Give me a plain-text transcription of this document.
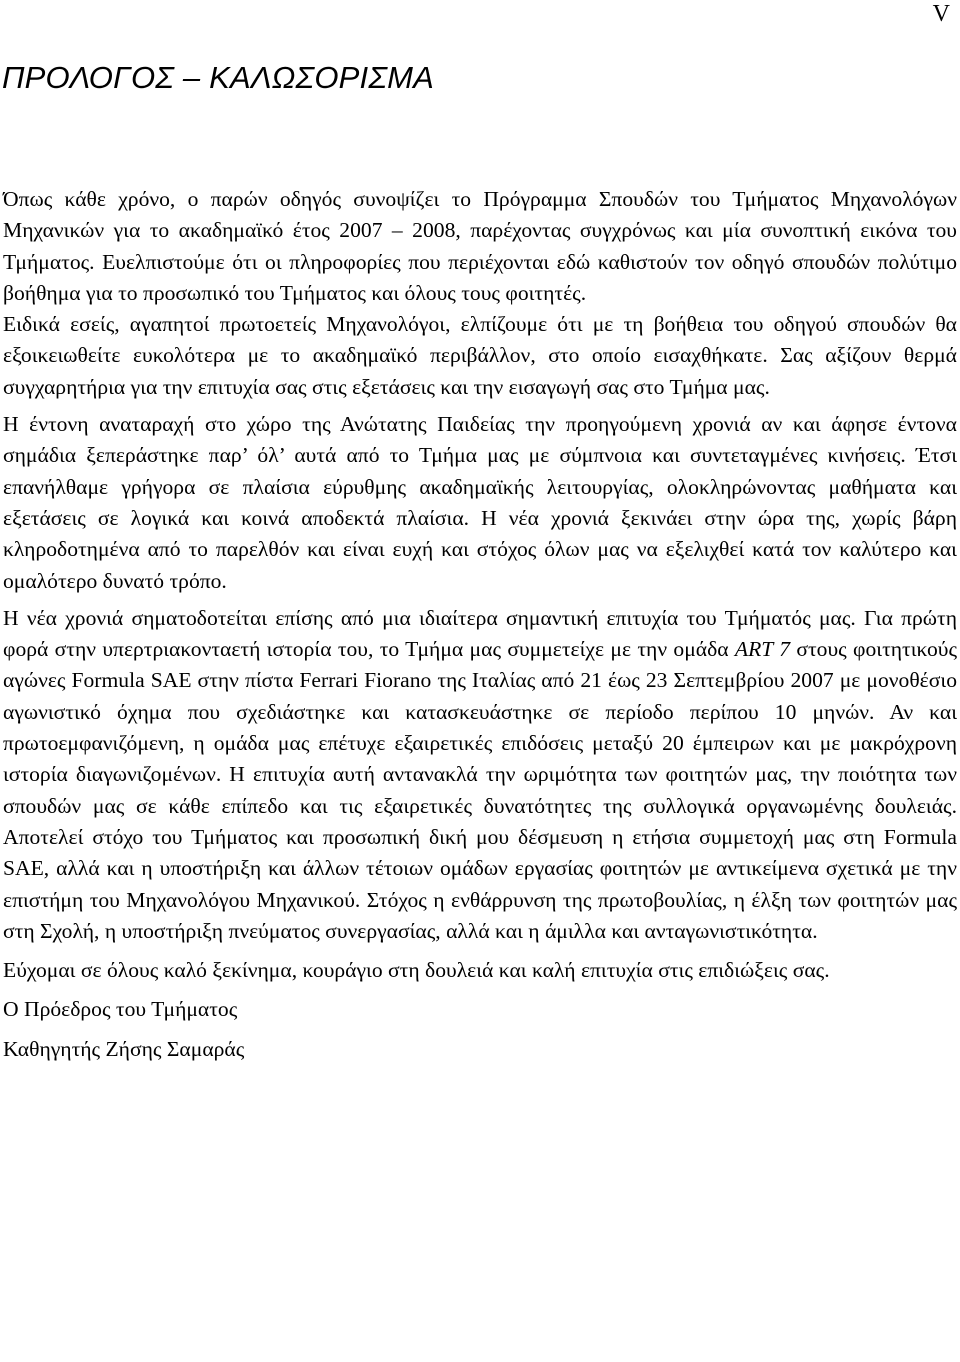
V
ΠΡΟΛΟΓΟΣ – ΚΑΛΩΣΟΡΙΣΜΑ

Όπως κάθε χρόνο, ο παρών οδηγός συνοψίζει το Πρόγραμμα Σπουδών του Τμήματος Μηχανολόγων Μηχανικών για το ακαδημαϊκό έτος 2007 – 2008, παρέχοντας συγχρόνως και μία συνοπτική εικόνα του Τμήματος. Ευελπιστούμε ότι οι πληροφορίες που περιέχονται εδώ καθιστούν τον οδηγό σπουδών πολύτιμο βοήθημα για το προσωπικό του Τμήματος και όλους τους φοιτητές.

Ειδικά εσείς, αγαπητοί πρωτοετείς Μηχανολόγοι, ελπίζουμε ότι με τη βοήθεια του οδηγού σπουδών θα εξοικειωθείτε ευκολότερα με το ακαδημαϊκό περιβάλλον, στο οποίο εισαχθήκατε. Σας αξίζουν θερμά συγχαρητήρια για την επιτυχία σας στις εξετάσεις και την εισαγωγή σας στο Τμήμα μας.

Η έντονη αναταραχή στο χώρο της Ανώτατης Παιδείας την προηγούμενη χρονιά αν και άφησε έντονα σημάδια ξεπεράστηκε παρ’ όλ’ αυτά από το Τμήμα μας με σύμπνοια και συντεταγμένες κινήσεις. Έτσι επανήλθαμε γρήγορα σε πλαίσια εύρυθμης ακαδημαϊκής λειτουργίας, ολοκληρώνοντας μαθήματα και εξετάσεις σε λογικά και κοινά αποδεκτά πλαίσια. Η νέα χρονιά ξεκινάει στην ώρα της, χωρίς βάρη κληροδοτημένα από το παρελθόν και είναι ευχή και στόχος όλων μας να εξελιχθεί κατά τον καλύτερο και ομαλότερο δυνατό τρόπο.

Η νέα χρονιά σηματοδοτείται επίσης από μια ιδιαίτερα σημαντική επιτυχία του Τμήματός μας. Για πρώτη φορά στην υπερτριακονταετή ιστορία του, το Τμήμα μας συμμετείχε με την ομάδα ART 7 στους φοιτητικούς αγώνες Formula SAE στην πίστα Ferrari Fiorano της Ιταλίας από 21 έως 23 Σεπτεμβρίου 2007 με μονοθέσιο αγωνιστικό όχημα που σχεδιάστηκε και κατασκευάστηκε σε περίοδο περίπου 10 μηνών. Αν και πρωτοεμφανιζόμενη, η ομάδα μας επέτυχε εξαιρετικές επιδόσεις μεταξύ 20 έμπειρων και με μακρόχρονη ιστορία διαγωνιζομένων. Η επιτυχία αυτή αντανακλά την ωριμότητα των φοιτητών μας, την ποιότητα των σπουδών μας σε κάθε επίπεδο και τις εξαιρετικές δυνατότητες της συλλογικά οργανωμένης δουλειάς. Αποτελεί στόχο του Τμήματος και προσωπική δική μου δέσμευση η ετήσια συμμετοχή μας στη Formula SAE, αλλά και η υποστήριξη και άλλων τέτοιων ομάδων εργασίας φοιτητών με αντικείμενα σχετικά με την επιστήμη του Μηχανολόγου Μηχανικού. Στόχος η ενθάρρυνση της πρωτοβουλίας, η έλξη των φοιτητών μας στη Σχολή, η υποστήριξη πνεύματος συνεργασίας, αλλά και η άμιλλα και ανταγωνιστικότητα.

Εύχομαι σε όλους καλό ξεκίνημα, κουράγιο στη δουλειά και καλή επιτυχία στις επιδιώξεις σας.

Ο Πρόεδρος του Τμήματος

Καθηγητής Ζήσης Σαμαράς
